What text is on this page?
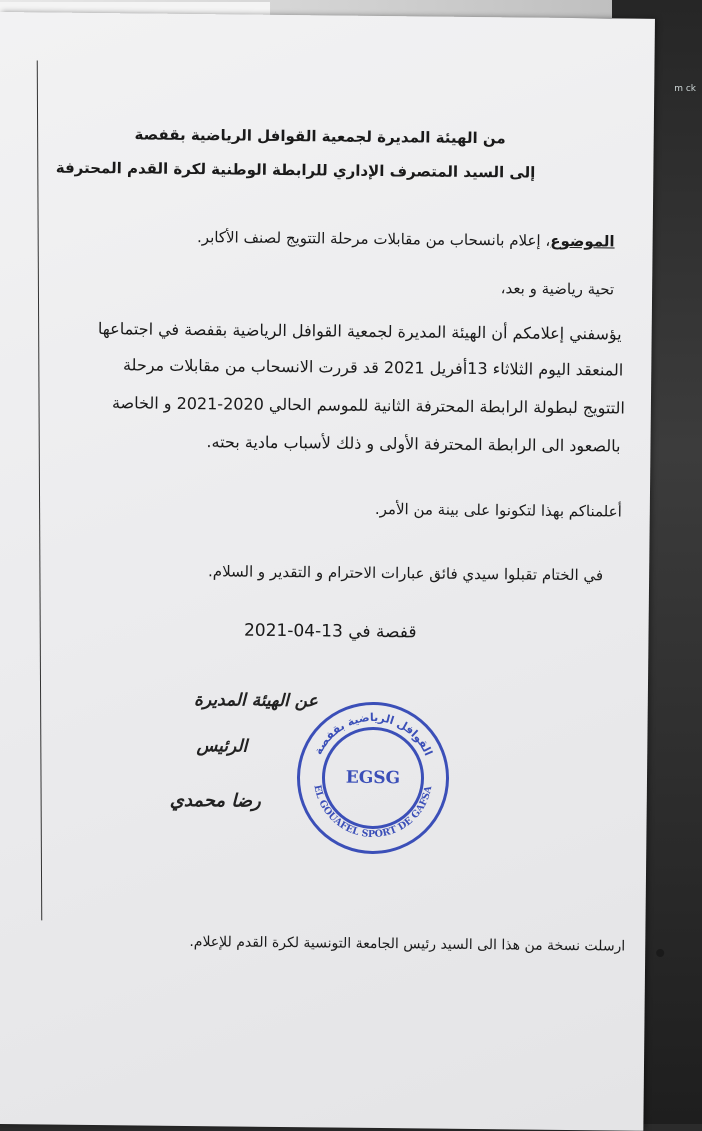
m ck
من الهيئة المديرة لجمعية القوافل الرياضية بقفصة
إلى السيد المتصرف الإداري للرابطة الوطنية لكرة القدم المحترفة
الموضوع، إعلام بانسحاب من مقابلات مرحلة التتويج لصنف الأكابر.
تحية رياضية و بعد،
يؤسفني إعلامكم أن الهيئة المديرة لجمعية القوافل الرياضية بقفصة في اجتماعها
المنعقد اليوم الثلاثاء 13أفريل 2021 قد قررت الانسحاب من مقابلات مرحلة
التتويج لبطولة الرابطة المحترفة الثانية للموسم الحالي 2020-2021 و الخاصة
بالصعود الى الرابطة المحترفة الأولى و ذلك لأسباب مادية بحته.
أعلمناكم بهذا لتكونوا على بينة من الأمر.
في الختام تقبلوا سيدي فائق عبارات الاحترام و التقدير و السلام.
قفصة في 13-04-2021
عن الهيئة المديرة
الرئيس
رضا محمدي
القوافل الرياضية بقفصة
EL GOUAFEL SPORT DE GAFSA
EGSG
ارسلت نسخة من هذا الى السيد رئيس الجامعة التونسية لكرة القدم للإعلام.
